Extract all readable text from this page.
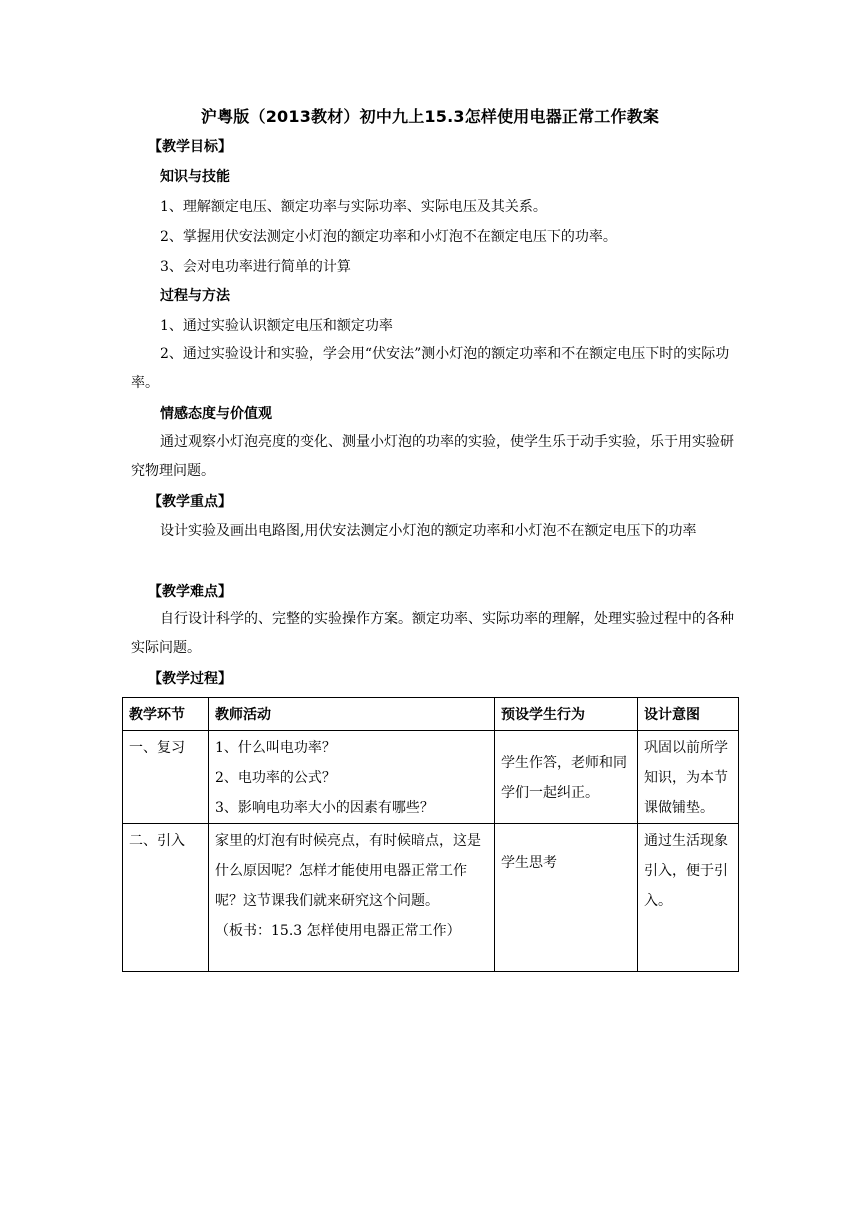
沪粤版（2013教材）初中九上15.3怎样使用电器正常工作教案
【教学目标】
知识与技能
1、理解额定电压、额定功率与实际功率、实际电压及其关系。
2、掌握用伏安法测定小灯泡的额定功率和小灯泡不在额定电压下的功率。
3、会对电功率进行简单的计算
过程与方法
1、通过实验认识额定电压和额定功率
2、通过实验设计和实验，学会用“伏安法”测小灯泡的额定功率和不在额定电压下时的实际功率。
情感态度与价值观
通过观察小灯泡亮度的变化、测量小灯泡的功率的实验，使学生乐于动手实验，乐于用实验研究物理问题。
【教学重点】
设计实验及画出电路图,用伏安法测定小灯泡的额定功率和小灯泡不在额定电压下的功率
【教学难点】
自行设计科学的、完整的实验操作方案。额定功率、实际功率的理解，处理实验过程中的各种实际问题。
【教学过程】
教学环节	教师活动	预设学生行为	设计意图
一、复习	1、什么叫电功率？
2、电功率的公式？
3、影响电功率大小的因素有哪些？	学生作答，老师和同学们一起纠正。	巩固以前所学知识，为本节课做铺垫。
二、引入	家里的灯泡有时候亮点，有时候暗点，这是什么原因呢？怎样才能使用电器正常工作呢？这节课我们就来研究这个问题。
（板书：15.3 怎样使用电器正常工作）	学生思考	通过生活现象引入，便于引入。
